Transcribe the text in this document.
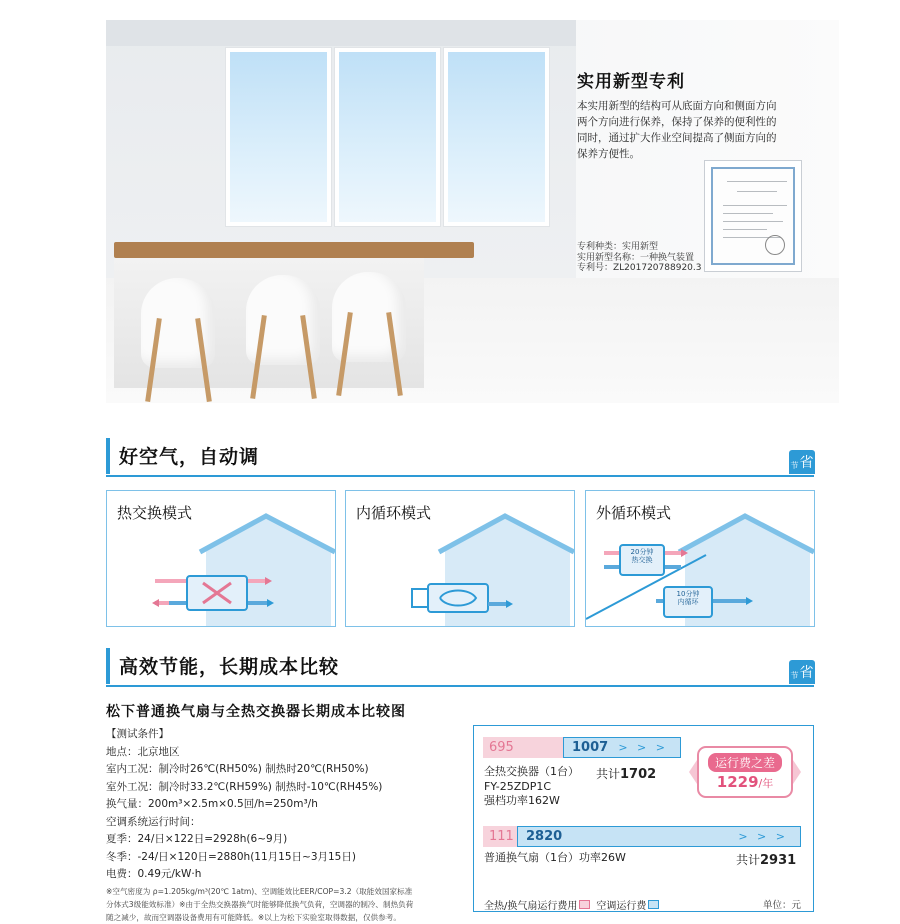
实用新型专利
本实用新型的结构可从底面方向和侧面方向
两个方向进行保养，保持了保养的便利性的
同时，通过扩大作业空间提高了侧面方向的
保养方便性。
专利种类：实用新型
实用新型名称：一种换气装置
专利号：ZL201720788920.3
好空气，自动调	节 省
热交换模式	内循环模式	外循环模式
20分钟
热交换
10分钟
内循环
高效节能，长期成本比较	节 省
松下普通换气扇与全热交换器长期成本比较图
【测试条件】
地点：北京地区
室内工况：制冷时26℃(RH50%) 制热时20℃(RH50%)
室外工况：制冷时33.2℃(RH59%) 制热时-10℃(RH45%)
换气量：200m³×2.5m×0.5回/h=250m³/h
空调系统运行时间：
夏季：24/日×122日=2928h(6~9月)
冬季：-24/日×120日=2880h(11月15日~3月15日)
电费：0.49元/kW·h
※空气密度为 ρ=1.205kg/m³(20℃ 1atm)、空调能效比EER/COP=3.2（取能效国家标准
分体式3级能效标准）※由于全热交换器换气时能够降低换气负荷，空调器的制冷、制热负荷
随之减少，故而空调器设备费用有可能降低。※以上为松下实验室取得数据，仅供参考。
695	1007 > > >
全热交换器（1台）
FY-25ZDP1C
强档功率162W
共计1702
运行费之差
1229/年
111 2820	> > >
普通换气扇（1台）功率26W	共计2931
全热/换气扇运行费用 空调运行费	单位：元
